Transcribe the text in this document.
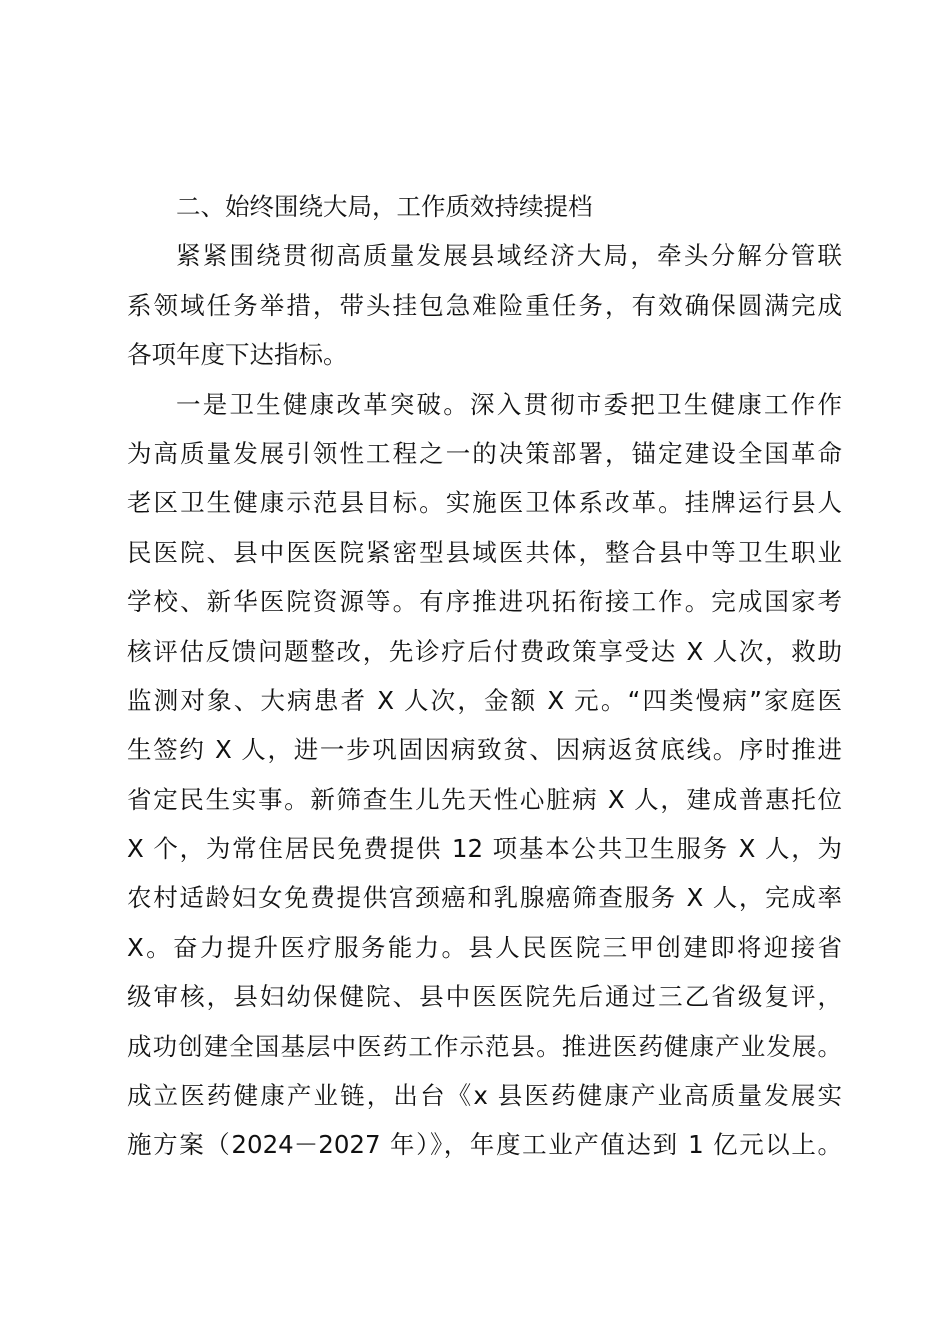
二、始终围绕大局，工作质效持续提档
紧紧围绕贯彻高质量发展县域经济大局，牵头分解分管联
系领域任务举措，带头挂包急难险重任务，有效确保圆满完成
各项年度下达指标。
一是卫生健康改革突破。深入贯彻市委把卫生健康工作作
为高质量发展引领性工程之一的决策部署，锚定建设全国革命
老区卫生健康示范县目标。实施医卫体系改革。挂牌运行县人
民医院、县中医医院紧密型县域医共体，整合县中等卫生职业
学校、新华医院资源等。有序推进巩拓衔接工作。完成国家考
核评估反馈问题整改，先诊疗后付费政策享受达 X 人次，救助
监测对象、大病患者 X 人次，金额 X 元。“四类慢病”家庭医
生签约 X 人，进一步巩固因病致贫、因病返贫底线。序时推进
省定民生实事。新筛查生儿先天性心脏病 X 人，建成普惠托位
X 个，为常住居民免费提供 12 项基本公共卫生服务 X 人，为
农村适龄妇女免费提供宫颈癌和乳腺癌筛查服务 X 人，完成率
X。奋力提升医疗服务能力。县人民医院三甲创建即将迎接省
级审核，县妇幼保健院、县中医医院先后通过三乙省级复评，
成功创建全国基层中医药工作示范县。推进医药健康产业发展。
成立医药健康产业链，出台《x 县医药健康产业高质量发展实
施方案（2024－2027 年）》，年度工业产值达到 1 亿元以上。
